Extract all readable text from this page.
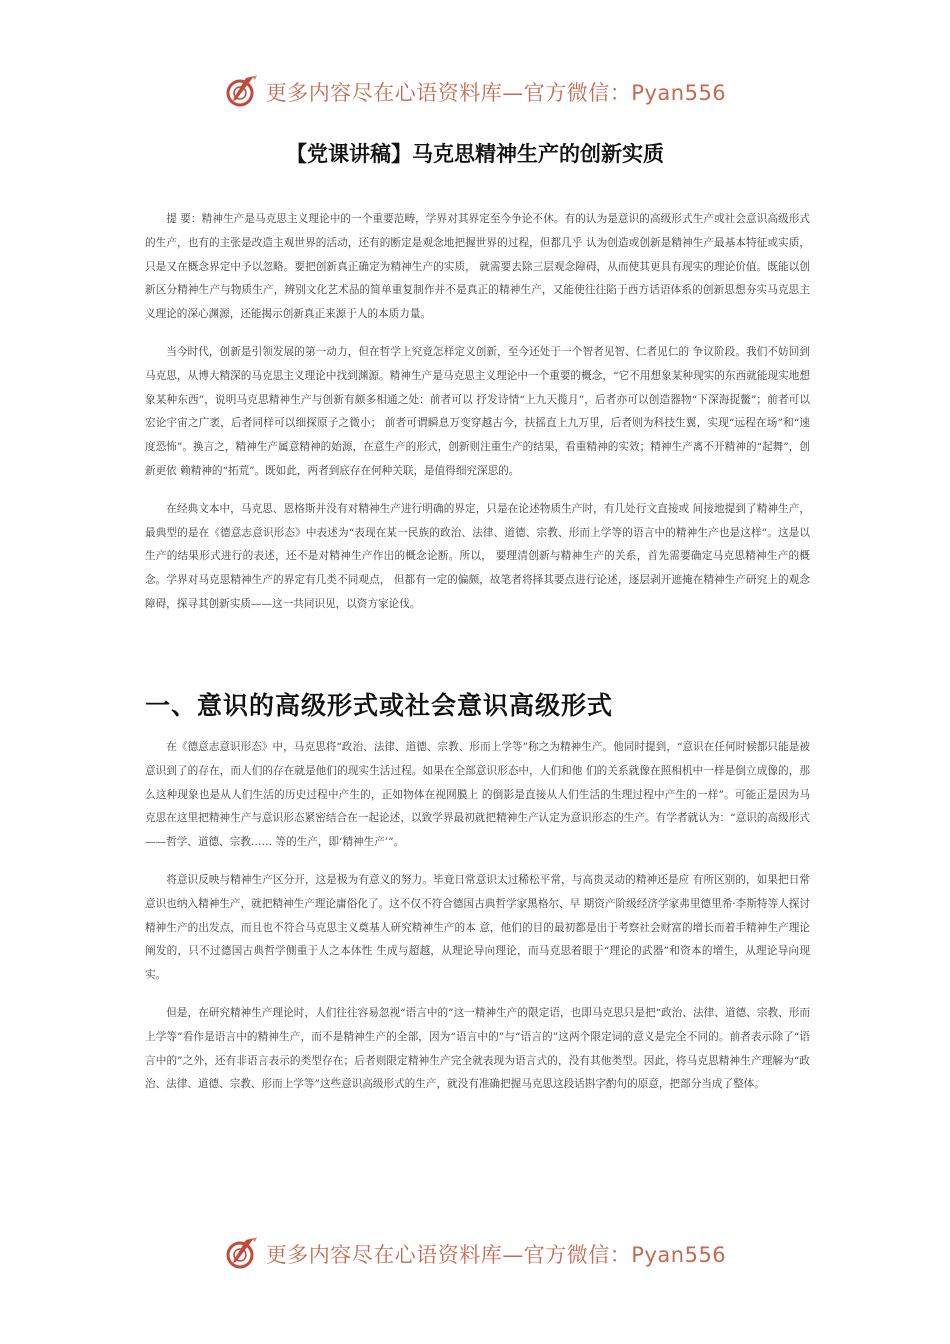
更多内容尽在心语资料库—官方微信：Pyan556
【党课讲稿】马克思精神生产的创新实质

提 要：精神生产是马克思主义理论中的一个重要范畴，学界对其界定至今争论不休。有的认为是意识的高级形式生产或社会意识高级形式的生产，也有的主张是改造主观世界的活动，还有的断定是观念地把握世界的过程，但都几乎 认为创造或创新是精神生产最基本特征或实质，只是又在概念界定中予以忽略。要把创新真正确定为精神生产的实质， 就需要去除三层观念障碍，从而使其更具有现实的理论价值。既能以创新区分精神生产与物质生产，辨别文化艺术品的简单重复制作并不是真正的精神生产，又能使往往陷于西方话语体系的创新思想夯实马克思主义理论的深心渊源，还能揭示创新真正来源于人的本质力量。

当今时代，创新是引领发展的第一动力，但在哲学上究竟怎样定义创新，至今还处于一个智者见智、仁者见仁的 争议阶段。我们不妨回到马克思，从博大精深的马克思主义理论中找到渊源。精神生产是马克思主义理论中一个重要的概念，“它不用想象某种现实的东西就能现实地想象某种东西”，说明马克思精神生产与创新有颇多相通之处：前者可以 抒发诗情“上九天揽月”，后者亦可以创造器物“下深海捉鳖”；前者可以宏论宇宙之广袤，后者同样可以细探原子之微小； 前者可谓瞬息万变穿越古今，扶摇直上九万里，后者则为科技生翼，实现“远程在场”和“速度恐怖”。换言之，精神生产属意精神的始源，在意生产的形式，创新则注重生产的结果，看重精神的实效；精神生产离不开精神的“起舞”，创新更依 赖精神的“拓荒”。既如此，两者到底存在何种关联，是值得细究深思的。

在经典文本中，马克思、恩格斯并没有对精神生产进行明确的界定，只是在论述物质生产时，有几处行文直接或 间接地提到了精神生产，最典型的是在《德意志意识形态》中表述为“表现在某一民族的政治、法律、道德、宗教、形而上学等的语言中的精神生产也是这样”。这是以生产的结果形式进行的表述，还不是对精神生产作出的概念论断。所以， 要理清创新与精神生产的关系，首先需要确定马克思精神生产的概念。学界对马克思精神生产的界定有几类不同观点， 但都有一定的偏颇，故笔者将择其要点进行论述，逐层剥开遮掩在精神生产研究上的观念障碍，探寻其创新实质——这一共同识见，以资方家论伐。

一、意识的高级形式或社会意识高级形式

在《德意志意识形态》中，马克思将“政治、法律、道德、宗教、形而上学等”称之为精神生产。他同时提到，“意识在任何时候都只能是被意识到了的存在，而人们的存在就是他们的现实生活过程。如果在全部意识形态中，人们和他 们的关系就像在照相机中一样是倒立成像的，那么这种现象也是从人们生活的历史过程中产生的，正如物体在视网膜上 的倒影是直接从人们生活的生理过程中产生的一样”。可能正是因为马克思在这里把精神生产与意识形态紧密结合在一起论述，以致学界最初就把精神生产认定为意识形态的生产。有学者就认为：“意识的高级形式——哲学、道德、宗教…… 等的生产，即‘精神生产’”。

将意识反映与精神生产区分开，这是极为有意义的努力。毕竟日常意识太过稀松平常，与高贵灵动的精神还是应 有所区别的，如果把日常意识也纳入精神生产，就把精神生产理论庸俗化了。这不仅不符合德国古典哲学家黑格尔、早 期资产阶级经济学家弗里德里希·李斯特等人探讨精神生产的出发点，而且也不符合马克思主义奠基人研究精神生产的本 意，他们的目的最初都是出于考察社会财富的增长而着手精神生产理论阐发的，只不过德国古典哲学侧重于人之本体性 生成与超越，从理论导向理论，而马克思着眼于“理论的武器”和资本的增生，从理论导向现实。

但是，在研究精神生产理论时，人们往往容易忽视“语言中的”这一精神生产的限定语，也即马克思只是把“政治、法律、道德、宗教、形而上学等”看作是语言中的精神生产，而不是精神生产的全部，因为“语言中的”与“语言的”这两个限定词的意义是完全不同的。前者表示除了“语言中的”之外，还有非语言表示的类型存在；后者则限定精神生产完全就表现为语言式的，没有其他类型。因此，将马克思精神生产理解为“政治、法律、道德、宗教、形而上学等”这些意识高级形式的生产，就没有准确把握马克思这段话斟字酌句的原意，把部分当成了整体。

更多内容尽在心语资料库—官方微信：Pyan556
